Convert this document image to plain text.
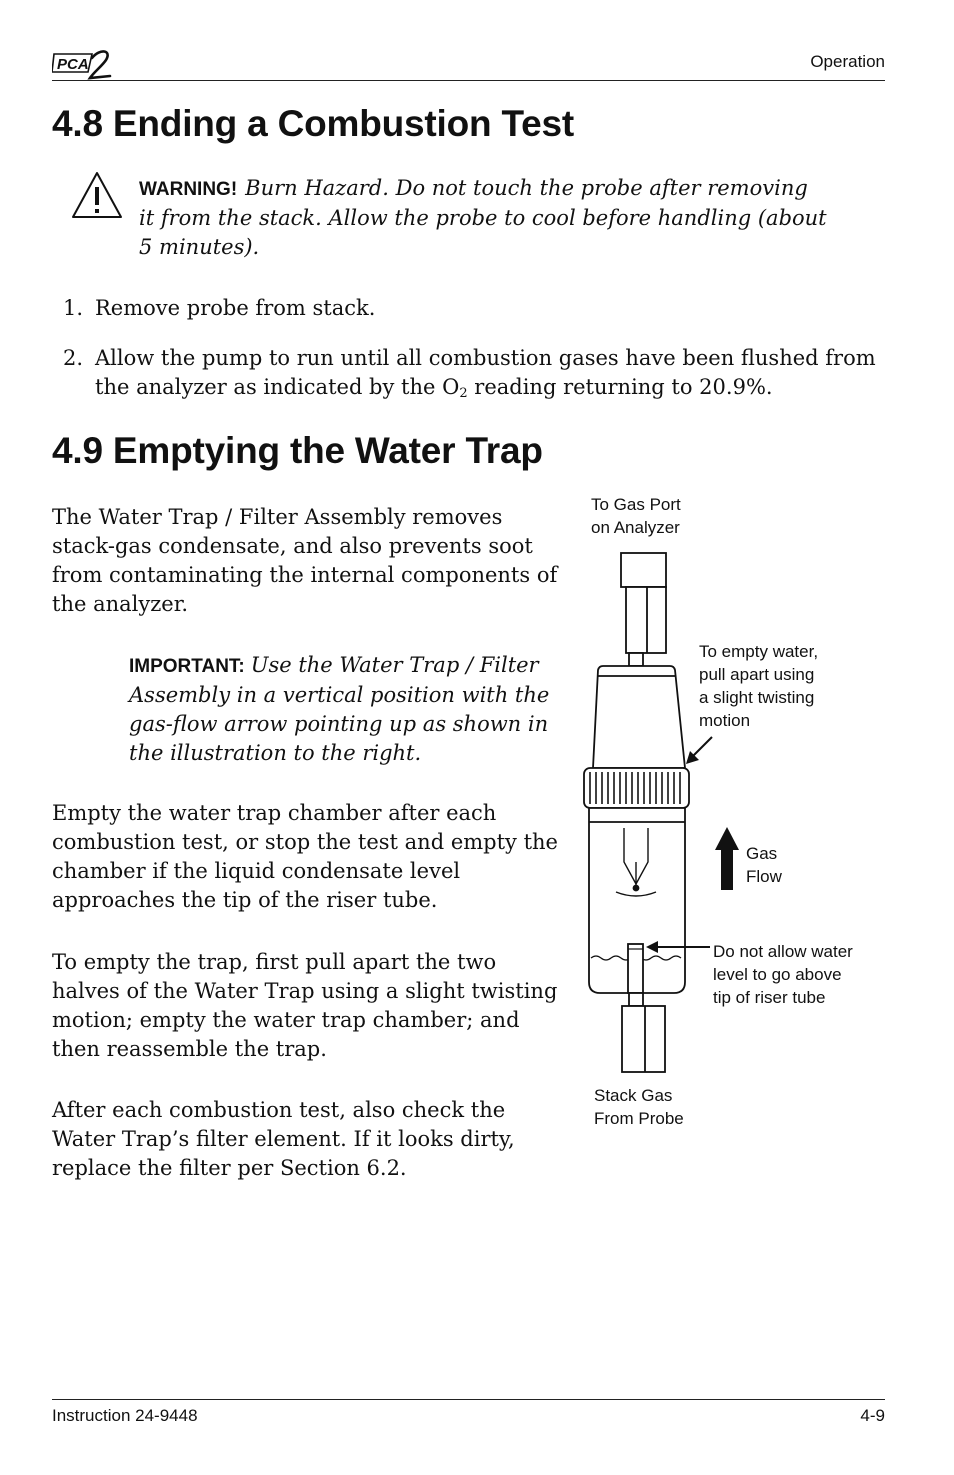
PCA	Operation
4.8 Ending a Combustion Test
WARNING! Burn Hazard. Do not touch the probe after removing it from the stack. Allow the probe to cool before handling (about 5 minutes).
1. Remove probe from stack.
2. Allow the pump to run until all combustion gases have been flushed from the analyzer as indicated by the $O_2$ reading returning to 20.9%.
4.9 Emptying the Water Trap
The Water Trap / Filter Assembly removes stack-gas condensate, and also prevents soot from contaminating the internal components of the analyzer.
IMPORTANT: Use the Water Trap / Filter Assembly in a vertical position with the gas-flow arrow pointing up as shown in the illustration to the right.
Empty the water trap chamber after each combustion test, or stop the test and empty the chamber if the liquid condensate level approaches the tip of the riser tube.
To empty the trap, first pull apart the two halves of the Water Trap using a slight twisting motion; empty the water trap chamber; and then reassemble the trap.
After each combustion test, also check the Water Trap’s filter element. If it looks dirty, replace the filter per Section 6.2.
To Gas Port
on Analyzer
To empty water,
pull apart using
a slight twisting
motion
Gas
Flow
Do not allow water
level to go above
tip of riser tube
Stack Gas
From Probe
Instruction 24-9448	4-9
